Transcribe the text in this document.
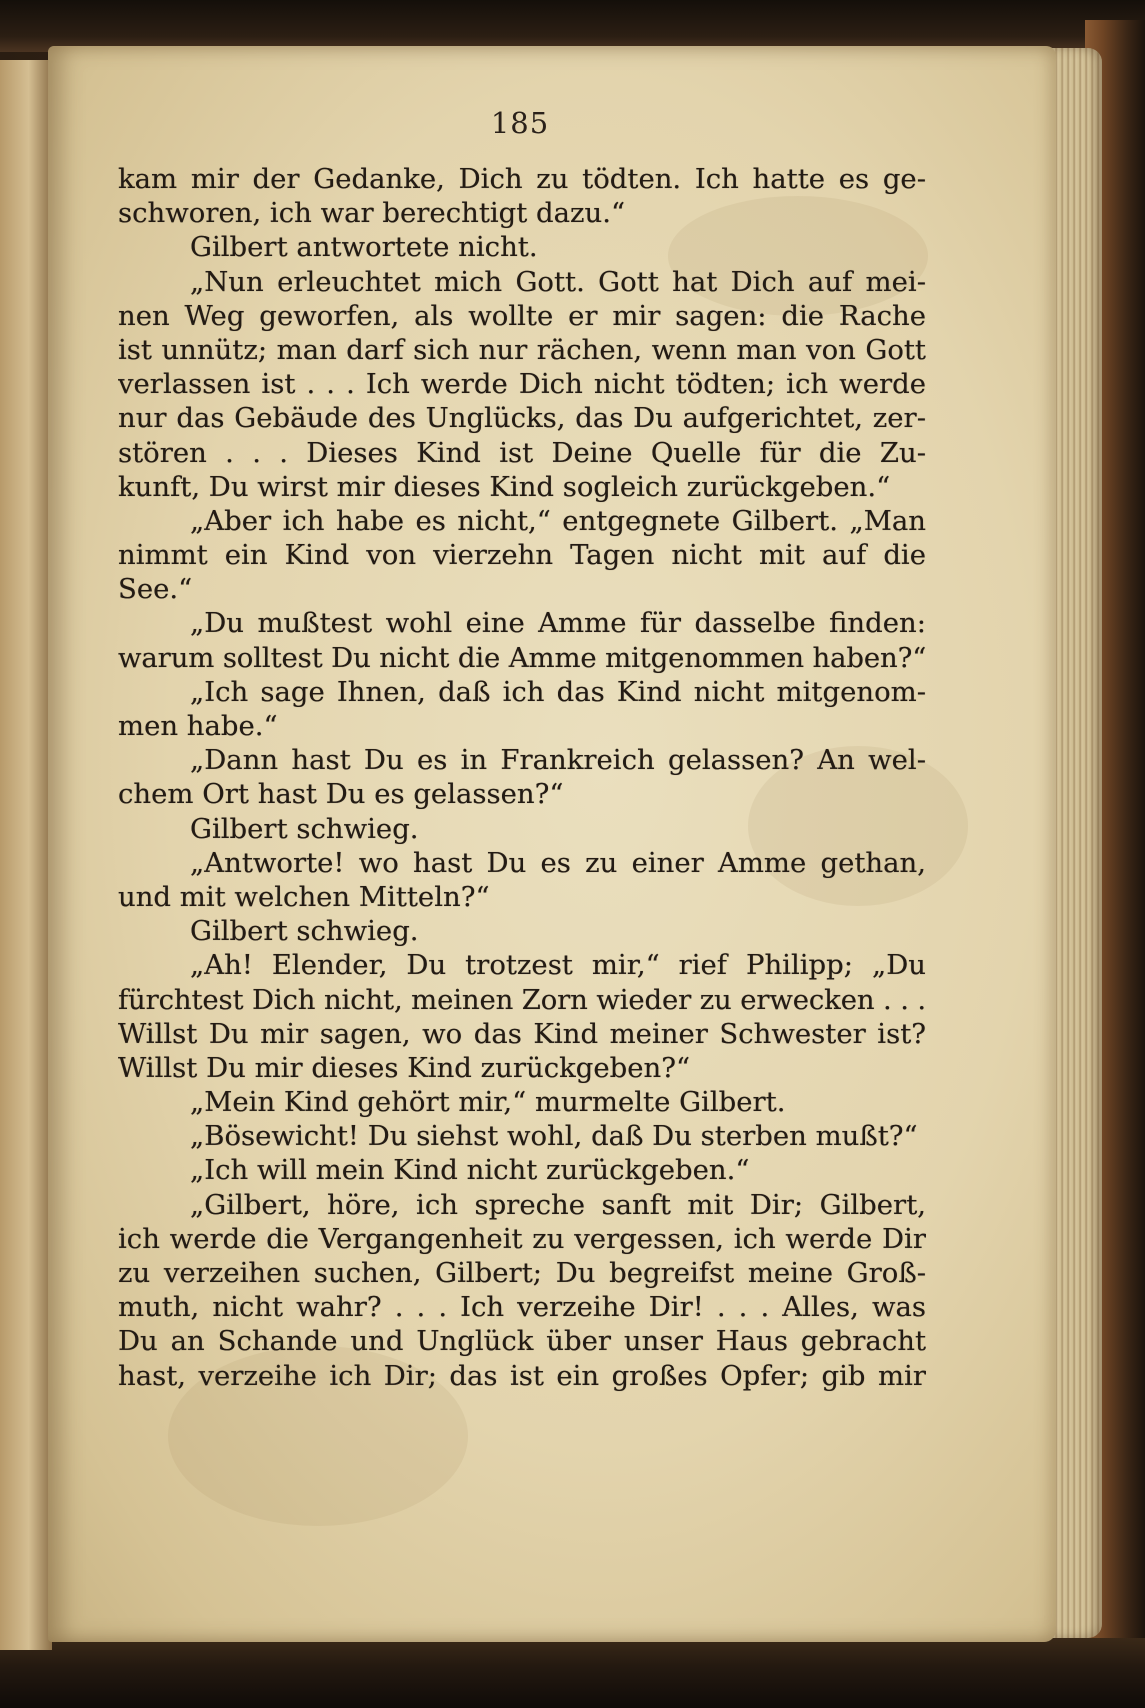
185
kam mir der Gedanke, Dich zu tödten. Ich hatte es ge-
schworen, ich war berechtigt dazu.“
Gilbert antwortete nicht.
„Nun erleuchtet mich Gott. Gott hat Dich auf mei-
nen Weg geworfen, als wollte er mir sagen: die Rache
ist unnütz; man darf sich nur rächen, wenn man von Gott
verlassen ist . . . Ich werde Dich nicht tödten; ich werde
nur das Gebäude des Unglücks, das Du aufgerichtet, zer-
stören . . . Dieses Kind ist Deine Quelle für die Zu-
kunft, Du wirst mir dieses Kind sogleich zurückgeben.“
„Aber ich habe es nicht,“ entgegnete Gilbert. „Man
nimmt ein Kind von vierzehn Tagen nicht mit auf die
See.“
„Du mußtest wohl eine Amme für dasselbe finden:
warum solltest Du nicht die Amme mitgenommen haben?“
„Ich sage Ihnen, daß ich das Kind nicht mitgenom-
men habe.“
„Dann hast Du es in Frankreich gelassen? An wel-
chem Ort hast Du es gelassen?“
Gilbert schwieg.
„Antworte! wo hast Du es zu einer Amme gethan,
und mit welchen Mitteln?“
Gilbert schwieg.
„Ah! Elender, Du trotzest mir,“ rief Philipp; „Du
fürchtest Dich nicht, meinen Zorn wieder zu erwecken . . .
Willst Du mir sagen, wo das Kind meiner Schwester ist?
Willst Du mir dieses Kind zurückgeben?“
„Mein Kind gehört mir,“ murmelte Gilbert.
„Bösewicht! Du siehst wohl, daß Du sterben mußt?“
„Ich will mein Kind nicht zurückgeben.“
„Gilbert, höre, ich spreche sanft mit Dir; Gilbert,
ich werde die Vergangenheit zu vergessen, ich werde Dir
zu verzeihen suchen, Gilbert; Du begreifst meine Groß-
muth, nicht wahr? . . . Ich verzeihe Dir! . . . Alles, was
Du an Schande und Unglück über unser Haus gebracht
hast, verzeihe ich Dir; das ist ein großes Opfer; gib mir
